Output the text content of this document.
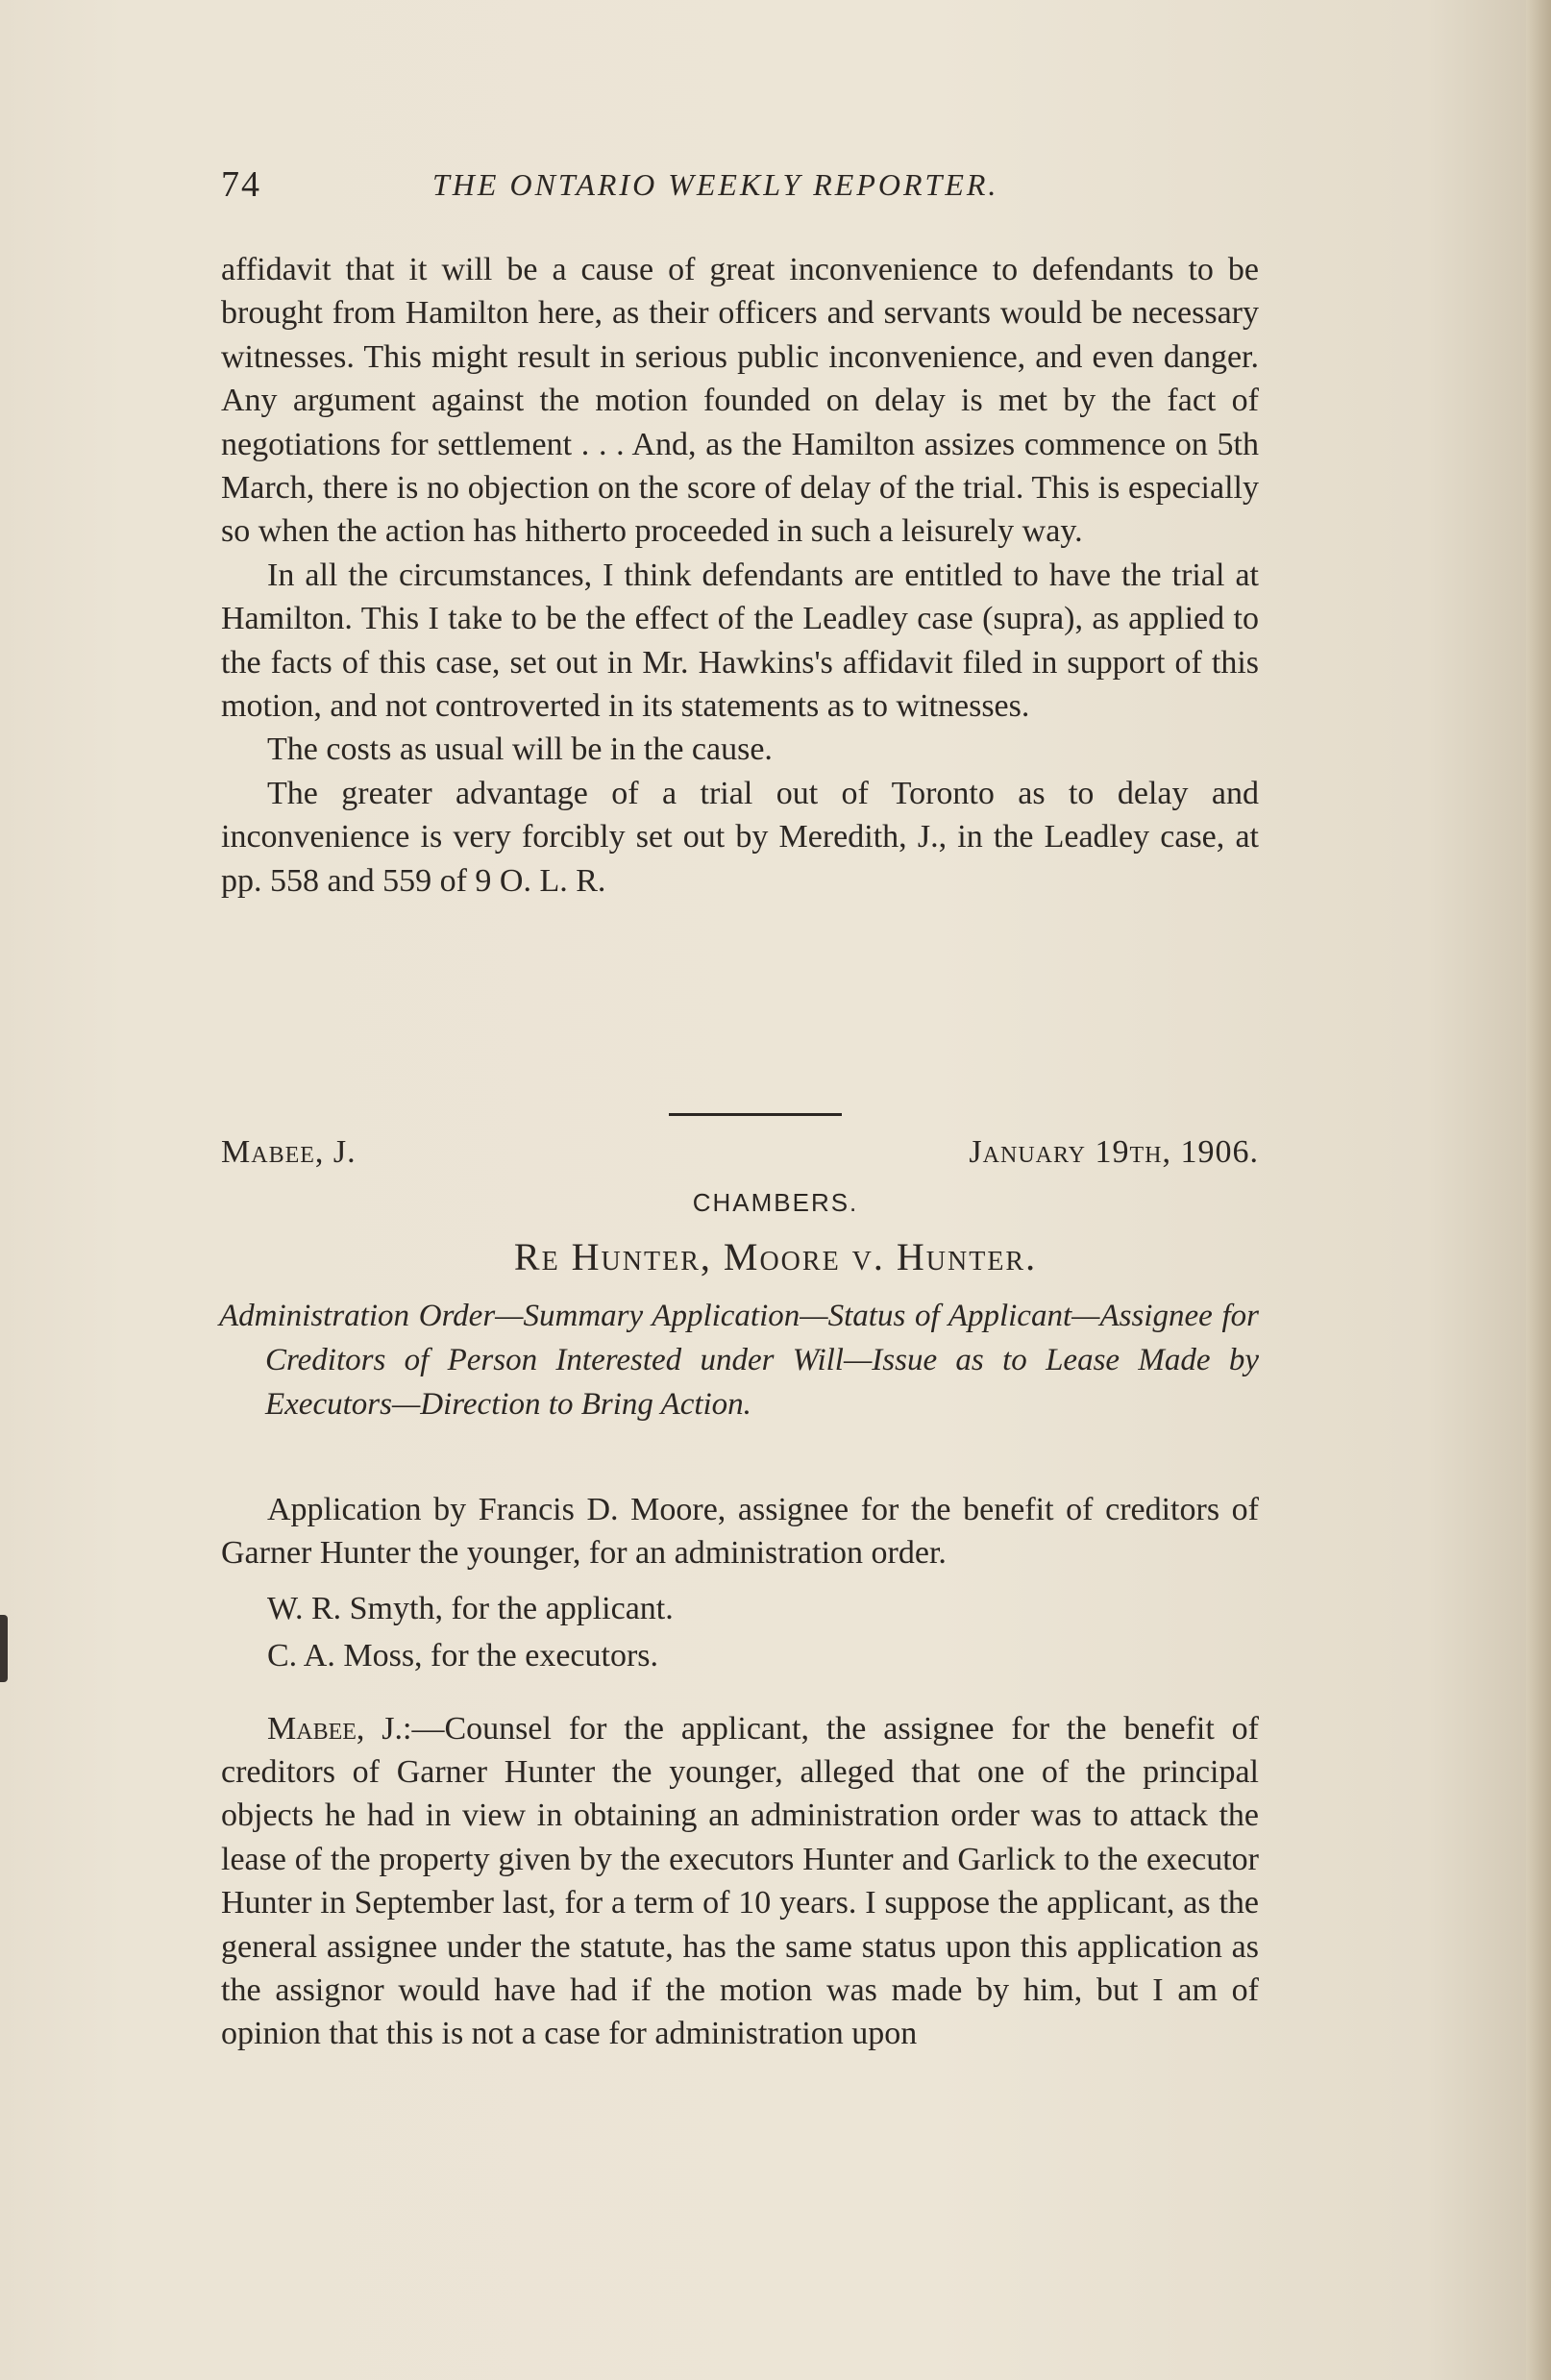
74	THE ONTARIO WEEKLY REPORTER.

affidavit that it will be a cause of great inconvenience to defendants to be brought from Hamilton here, as their officers and servants would be necessary witnesses. This might result in serious public inconvenience, and even danger. Any argument against the motion founded on delay is met by the fact of negotiations for settlement . . . And, as the Hamilton assizes commence on 5th March, there is no objection on the score of delay of the trial. This is especially so when the action has hitherto proceeded in such a leisurely way.

In all the circumstances, I think defendants are entitled to have the trial at Hamilton. This I take to be the effect of the Leadley case (supra), as applied to the facts of this case, set out in Mr. Hawkins's affidavit filed in support of this motion, and not controverted in its statements as to witnesses.

The costs as usual will be in the cause.

The greater advantage of a trial out of Toronto as to delay and inconvenience is very forcibly set out by Meredith, J., in the Leadley case, at pp. 558 and 559 of 9 O. L. R.

Mabee, J.	January 19th, 1906.
CHAMBERS.
Re Hunter, Moore v. Hunter.
Administration Order—Summary Application—Status of Applicant—Assignee for Creditors of Person Interested under Will—Issue as to Lease Made by Executors—Direction to Bring Action.

Application by Francis D. Moore, assignee for the benefit of creditors of Garner Hunter the younger, for an administration order.

W. R. Smyth, for the applicant.

C. A. Moss, for the executors.

Mabee, J.:—Counsel for the applicant, the assignee for the benefit of creditors of Garner Hunter the younger, alleged that one of the principal objects he had in view in obtaining an administration order was to attack the lease of the property given by the executors Hunter and Garlick to the executor Hunter in September last, for a term of 10 years. I suppose the applicant, as the general assignee under the statute, has the same status upon this application as the assignor would have had if the motion was made by him, but I am of opinion that this is not a case for administration upon
